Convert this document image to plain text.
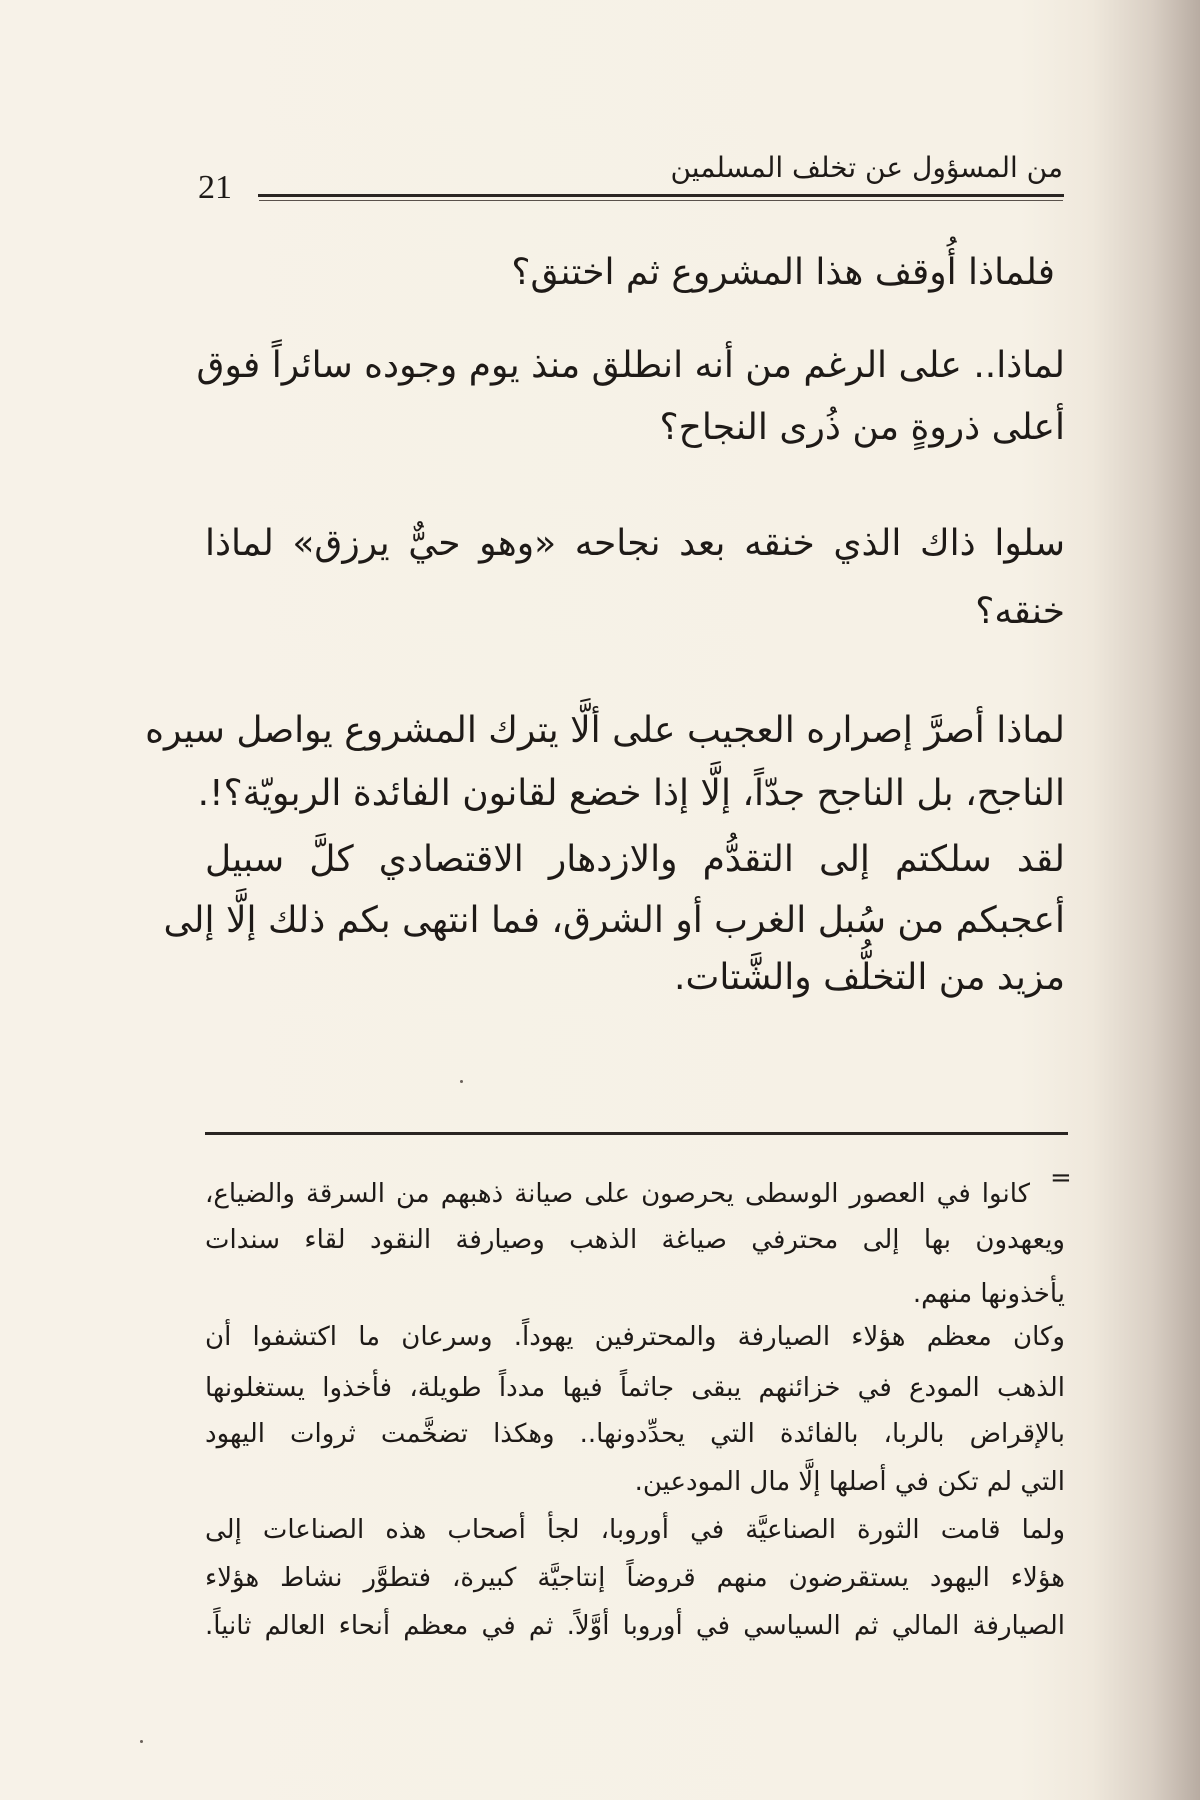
من المسؤول عن تخلف المسلمين
21
فلماذا أُوقف هذا المشروع ثم اختنق؟
لماذا.. على الرغم من أنه انطلق منذ يوم وجوده سائراً فوق
أعلى ذروةٍ من ذُرى النجاح؟
سلوا ذاك الذي خنقه بعد نجاحه «وهو حيٌّ يرزق» لماذا
خنقه؟
لماذا أصرَّ إصراره العجيب على ألَّا يترك المشروع يواصل سيره
الناجح، بل الناجح جدّاً، إلَّا إذا خضع لقانون الفائدة الربويّة؟!.
لقد سلكتم إلى التقدُّم والازدهار الاقتصادي كلَّ سبيل
أعجبكم من سُبل الغرب أو الشرق، فما انتهى بكم ذلك إلَّا إلى
مزيد من التخلُّف والشَّتات.
=
كانوا في العصور الوسطى يحرصون على صيانة ذهبهم من السرقة والضياع،
ويعهدون بها إلى محترفي صياغة الذهب وصيارفة النقود لقاء سندات
يأخذونها منهم.
وكان معظم هؤلاء الصيارفة والمحترفين يهوداً. وسرعان ما اكتشفوا أن
الذهب المودع في خزائنهم يبقى جاثماً فيها مدداً طويلة، فأخذوا يستغلونها
بالإقراض بالربا، بالفائدة التي يحدِّدونها.. وهكذا تضخَّمت ثروات اليهود
التي لم تكن في أصلها إلَّا مال المودعين.
ولما قامت الثورة الصناعيَّة في أوروبا، لجأ أصحاب هذه الصناعات إلى
هؤلاء اليهود يستقرضون منهم قروضاً إنتاجيَّة كبيرة، فتطوَّر نشاط هؤلاء
الصيارفة المالي ثم السياسي في أوروبا أوَّلاً. ثم في معظم أنحاء العالم ثانياً.
